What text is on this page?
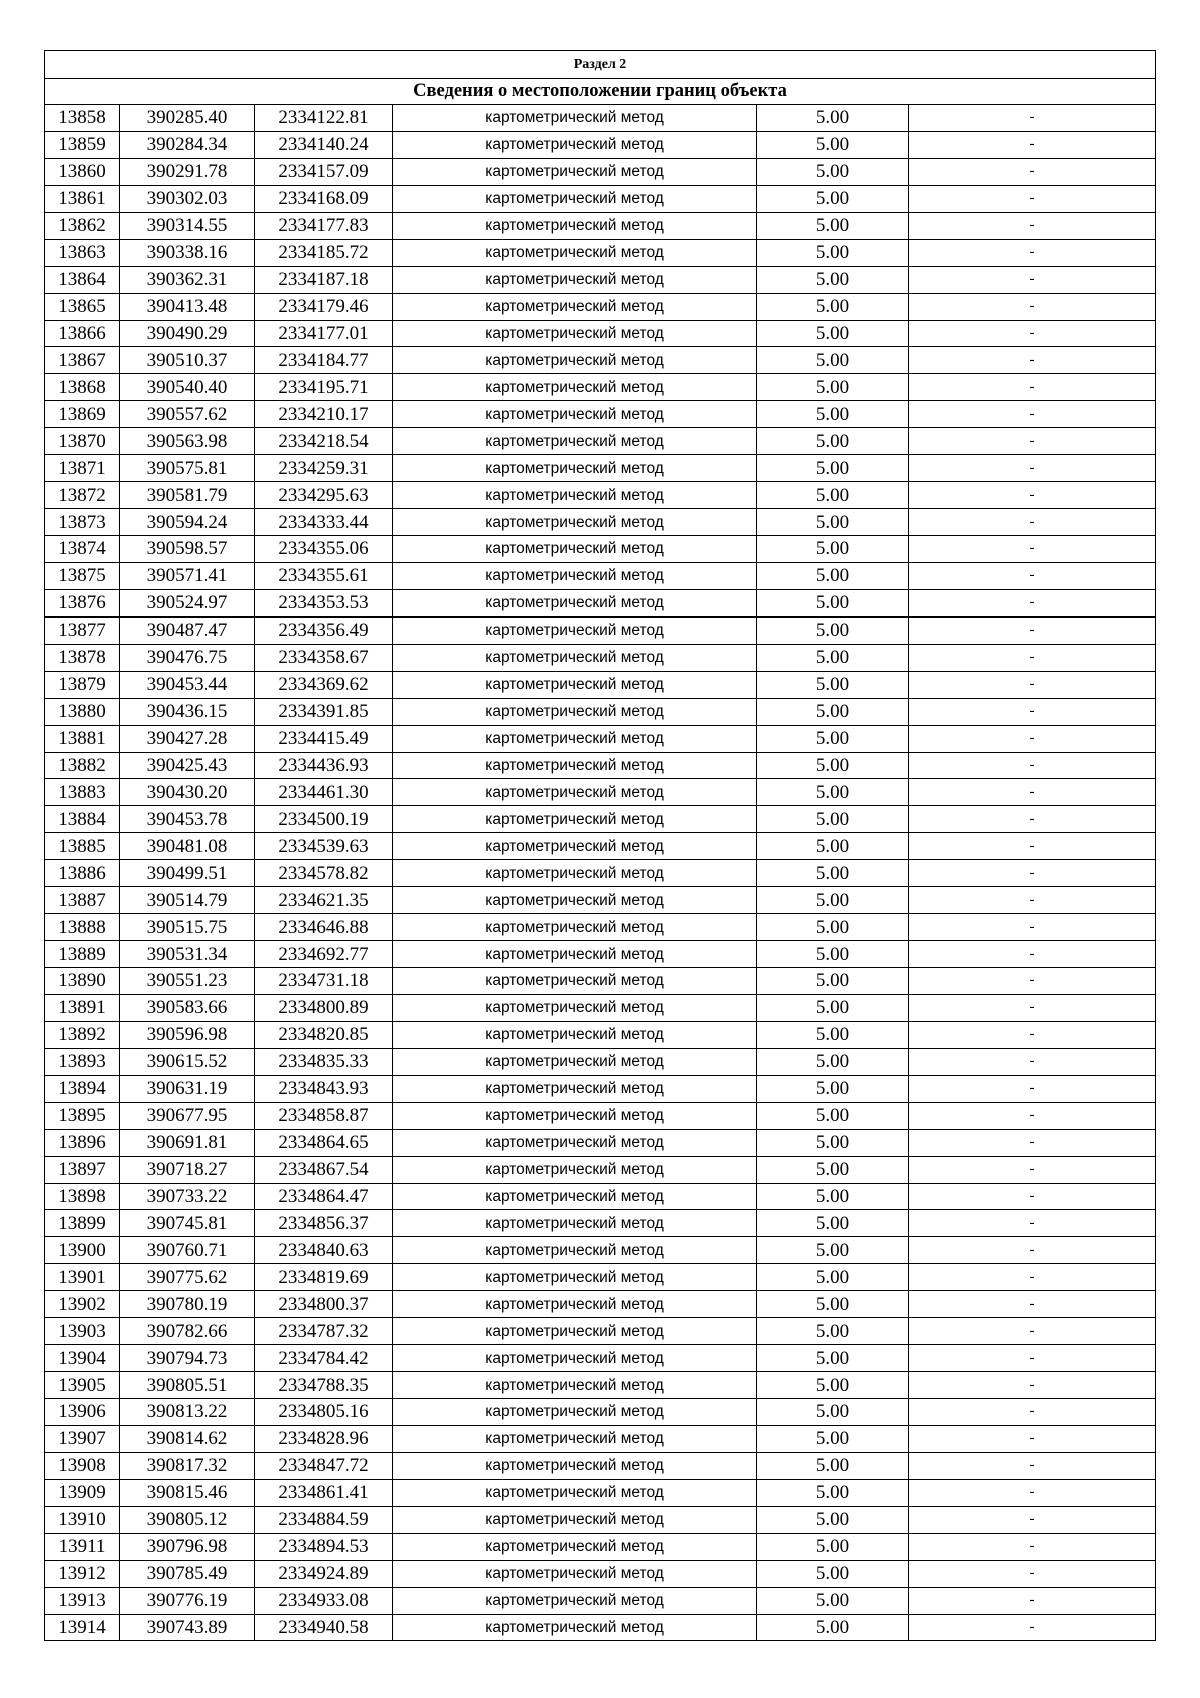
Раздел 2					
Сведения о местоположении границ объекта					
13858	390285.40	2334122.81	картометрический метод	5.00	-
13859	390284.34	2334140.24	картометрический метод	5.00	-
13860	390291.78	2334157.09	картометрический метод	5.00	-
13861	390302.03	2334168.09	картометрический метод	5.00	-
13862	390314.55	2334177.83	картометрический метод	5.00	-
13863	390338.16	2334185.72	картометрический метод	5.00	-
13864	390362.31	2334187.18	картометрический метод	5.00	-
13865	390413.48	2334179.46	картометрический метод	5.00	-
13866	390490.29	2334177.01	картометрический метод	5.00	-
13867	390510.37	2334184.77	картометрический метод	5.00	-
13868	390540.40	2334195.71	картометрический метод	5.00	-
13869	390557.62	2334210.17	картометрический метод	5.00	-
13870	390563.98	2334218.54	картометрический метод	5.00	-
13871	390575.81	2334259.31	картометрический метод	5.00	-
13872	390581.79	2334295.63	картометрический метод	5.00	-
13873	390594.24	2334333.44	картометрический метод	5.00	-
13874	390598.57	2334355.06	картометрический метод	5.00	-
13875	390571.41	2334355.61	картометрический метод	5.00	-
13876	390524.97	2334353.53	картометрический метод	5.00	-
13877	390487.47	2334356.49	картометрический метод	5.00	-
13878	390476.75	2334358.67	картометрический метод	5.00	-
13879	390453.44	2334369.62	картометрический метод	5.00	-
13880	390436.15	2334391.85	картометрический метод	5.00	-
13881	390427.28	2334415.49	картометрический метод	5.00	-
13882	390425.43	2334436.93	картометрический метод	5.00	-
13883	390430.20	2334461.30	картометрический метод	5.00	-
13884	390453.78	2334500.19	картометрический метод	5.00	-
13885	390481.08	2334539.63	картометрический метод	5.00	-
13886	390499.51	2334578.82	картометрический метод	5.00	-
13887	390514.79	2334621.35	картометрический метод	5.00	-
13888	390515.75	2334646.88	картометрический метод	5.00	-
13889	390531.34	2334692.77	картометрический метод	5.00	-
13890	390551.23	2334731.18	картометрический метод	5.00	-
13891	390583.66	2334800.89	картометрический метод	5.00	-
13892	390596.98	2334820.85	картометрический метод	5.00	-
13893	390615.52	2334835.33	картометрический метод	5.00	-
13894	390631.19	2334843.93	картометрический метод	5.00	-
13895	390677.95	2334858.87	картометрический метод	5.00	-
13896	390691.81	2334864.65	картометрический метод	5.00	-
13897	390718.27	2334867.54	картометрический метод	5.00	-
13898	390733.22	2334864.47	картометрический метод	5.00	-
13899	390745.81	2334856.37	картометрический метод	5.00	-
13900	390760.71	2334840.63	картометрический метод	5.00	-
13901	390775.62	2334819.69	картометрический метод	5.00	-
13902	390780.19	2334800.37	картометрический метод	5.00	-
13903	390782.66	2334787.32	картометрический метод	5.00	-
13904	390794.73	2334784.42	картометрический метод	5.00	-
13905	390805.51	2334788.35	картометрический метод	5.00	-
13906	390813.22	2334805.16	картометрический метод	5.00	-
13907	390814.62	2334828.96	картометрический метод	5.00	-
13908	390817.32	2334847.72	картометрический метод	5.00	-
13909	390815.46	2334861.41	картометрический метод	5.00	-
13910	390805.12	2334884.59	картометрический метод	5.00	-
13911	390796.98	2334894.53	картометрический метод	5.00	-
13912	390785.49	2334924.89	картометрический метод	5.00	-
13913	390776.19	2334933.08	картометрический метод	5.00	-
13914	390743.89	2334940.58	картометрический метод	5.00	-
